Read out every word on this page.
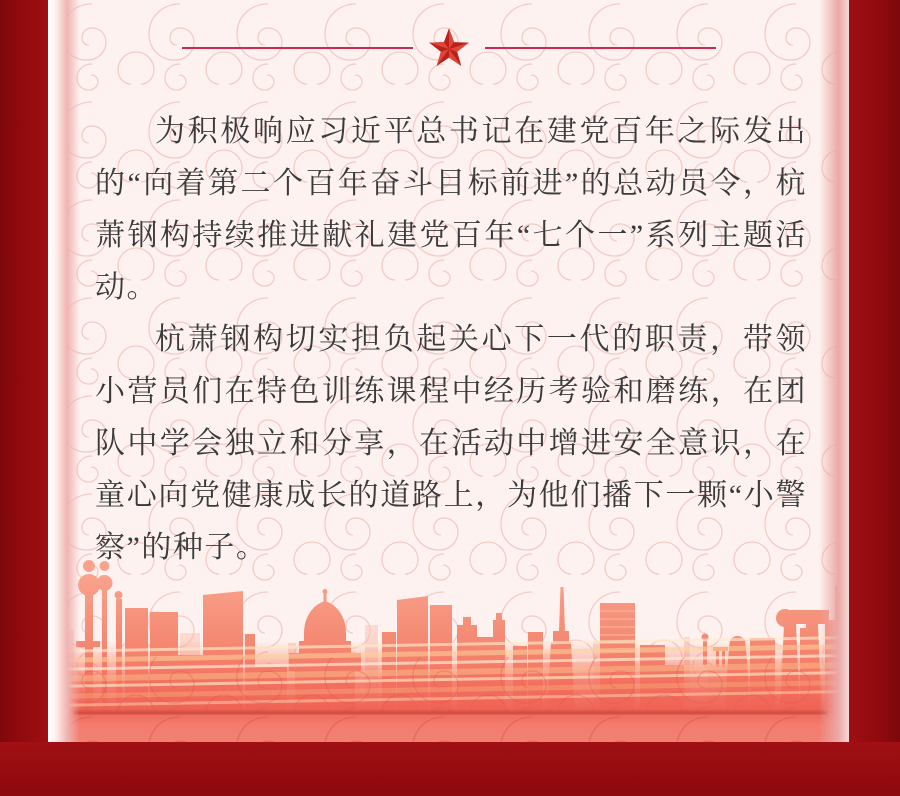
为积极响应习近平总书记在建党百年之际发出的“向着第二个百年奋斗目标前进”的总动员令，杭萧钢构持续推进献礼建党百年“七个一”系列主题活动。

杭萧钢构切实担负起关心下一代的职责，带领小营员们在特色训练课程中经历考验和磨练，在团队中学会独立和分享，在活动中增进安全意识，在童心向党健康成长的道路上，为他们播下一颗“小警察”的种子。
